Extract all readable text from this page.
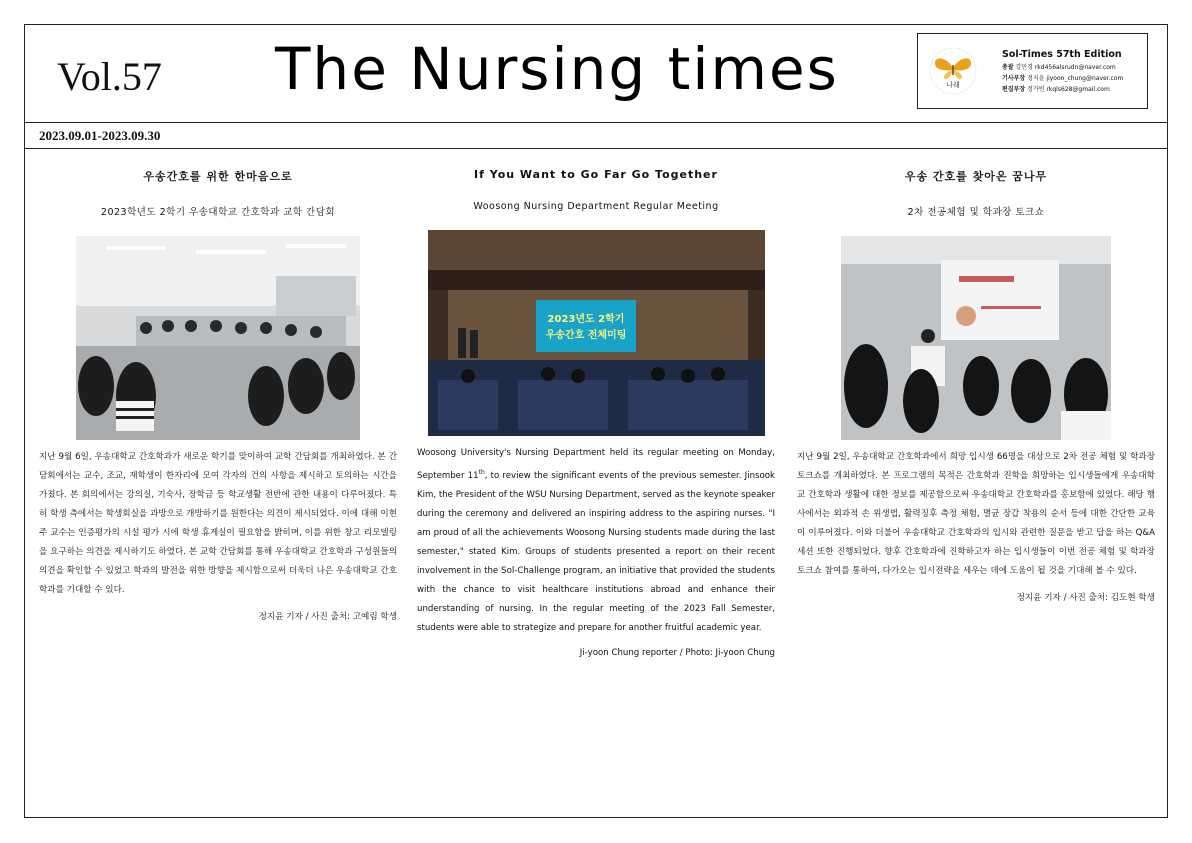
Vol.57 The Nursing times	나래
Sol-Times 57th Edition
총괄 강민경 rkd456alsrudn@naver.com
기사부장 정지윤 jiyoon_chung@naver.com
편집부장 정가빈 rkqls628@gmail.com
2023.09.01-2023.09.30
우송간호를 위한 한마음으로
2023학년도 2학기 우송대학교 간호학과 교학 간담회

지난 9월 6일, 우송대학교 간호학과가 새로운 학기를 맞이하여 교학 간담회를 개최하였다. 본 간담회에서는 교수, 조교, 재학생이 한자리에 모여 각자의 건의 사항을 제시하고 토의하는 시간을 가졌다. 본 회의에서는 강의실, 기숙사, 장학금 등 학교생활 전반에 관한 내용이 다루어졌다. 특히 학생 측에서는 학생회실을 과방으로 개방하기를 원한다는 의견이 제시되었다. 이에 대해 이현주 교수는 인증평가의 시설 평가 시에 학생 휴게실이 필요함을 밝히며, 이를 위한 창고 리모델링을 요구하는 의견을 제시하기도 하였다. 본 교학 간담회를 통해 우송대학교 간호학과 구성원들의 의견을 확인할 수 있었고 학과의 발전을 위한 방향을 제시함으로써 더욱더 나은 우송대학교 간호학과를 기대할 수 있다.

정지윤 기자 / 사진 출처: 고예림 학생
If You Want to Go Far Go Together
Woosong Nursing Department Regular Meeting
2023년도 2학기
우송간호 전체미팅

Woosong University's Nursing Department held its regular meeting on Monday, September 11th, to review the significant events of the previous semester. Jinsook Kim, the President of the WSU Nursing Department, served as the keynote speaker during the ceremony and delivered an inspiring address to the aspiring nurses. "I am proud of all the achievements Woosong Nursing students made during the last semester," stated Kim. Groups of students presented a report on their recent involvement in the Sol-Challenge program, an initiative that provided the students with the chance to visit healthcare institutions abroad and enhance their understanding of nursing. In the regular meeting of the 2023 Fall Semester, students were able to strategize and prepare for another fruitful academic year.

Ji-yoon Chung reporter / Photo: Ji-yoon Chung
우송 간호를 찾아온 꿈나무
2차 전공체험 및 학과장 토크쇼

지난 9월 2일, 우송대학교 간호학과에서 희망 입시생 66명을 대상으로 2차 전공 체험 및 학과장 토크쇼를 개최하였다. 본 프로그램의 목적은 간호학과 진학을 희망하는 입시생들에게 우송대학교 간호학과 생활에 대한 정보를 제공함으로써 우송대학교 간호학과를 홍보함에 있었다. 해당 행사에서는 외과적 손 위생법, 활력징후 측정 체험, 멸균 장갑 착용의 순서 등에 대한 간단한 교육이 이루어졌다. 이와 더불어 우송대학교 간호학과의 입시와 관련한 질문을 받고 답을 하는 Q&A 세션 또한 진행되었다. 향후 간호학과에 진학하고자 하는 입시생들이 이번 전공 체험 및 학과장 토크쇼 참여를 통하여, 다가오는 입시전략을 세우는 데에 도움이 될 것을 기대해 볼 수 있다.

정지윤 기자 / 사진 출처: 김도현 학생
